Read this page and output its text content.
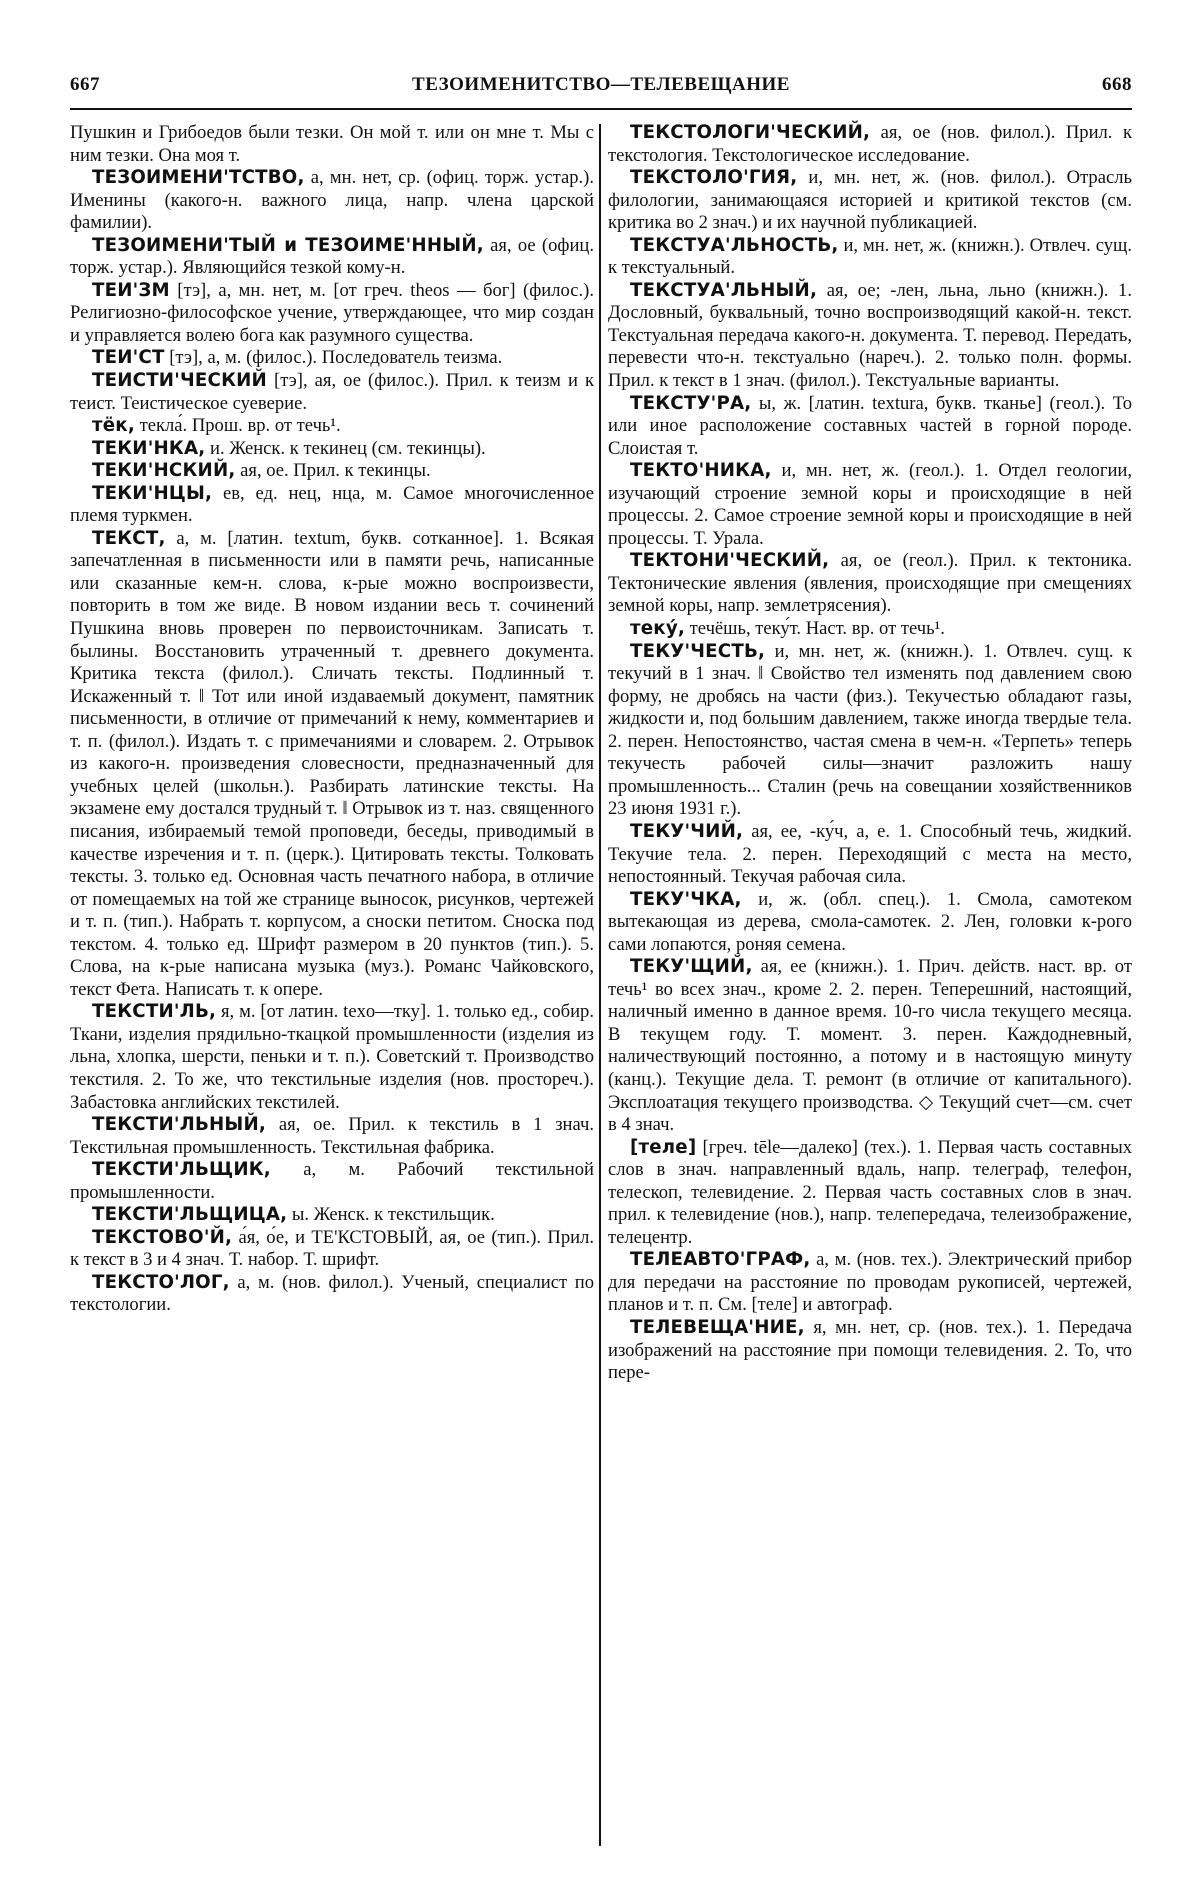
667	ТЕЗОИМЕНИТСТВО—ТЕЛЕВЕЩАНИЕ	668

Пушкин и Грибоедов были тезки. Он мой т. или он мне т. Мы с ним тезки. Она моя т.

ТЕЗОИМЕНИ'ТСТВО, а, мн. нет, ср. (офиц. торж. устар.). Именины (какого-н. важного лица, напр. члена царской фамилии).

ТЕЗОИМЕНИ'ТЫЙ и ТЕЗОИМЕ'ННЫЙ, ая, ое (офиц. торж. устар.). Являющийся тезкой кому-н.

ТЕИ'ЗМ [тэ], а, мн. нет, м. [от греч. theos — бог] (филос.). Религиозно-философское учение, утверждающее, что мир создан и управляется волею бога как разумного существа.

ТЕИ'СТ [тэ], а, м. (филос.). Последователь теизма.

ТЕИСТИ'ЧЕСКИЙ [тэ], ая, ое (филос.). Прил. к теизм и к теист. Теистическое суеверие.

тёк, текла́. Прош. вр. от течь¹.

ТЕКИ'НКА, и. Женск. к текинец (см. текинцы).

ТЕКИ'НСКИЙ, ая, ое. Прил. к текинцы.

ТЕКИ'НЦЫ, ев, ед. нец, нца, м. Самое многочисленное племя туркмен.

ТЕКСТ, а, м. [латин. textum, букв. сотканное]. 1. Всякая запечатленная в письменности или в памяти речь, написанные или сказанные кем-н. слова, к-рые можно воспроизвести, повторить в том же виде. В новом издании весь т. сочинений Пушкина вновь проверен по первоисточникам. Записать т. былины. Восстановить утраченный т. древнего документа. Критика текста (филол.). Сличать тексты. Подлинный т. Искаженный т. ‖ Тот или иной издаваемый документ, памятник письменности, в отличие от примечаний к нему, комментариев и т. п. (филол.). Издать т. с примечаниями и словарем. 2. Отрывок из какого-н. произведения словесности, предназначенный для учебных целей (школьн.). Разбирать латинские тексты. На экзамене ему достался трудный т. ‖ Отрывок из т. наз. священного писания, избираемый темой проповеди, беседы, приводимый в качестве изречения и т. п. (церк.). Цитировать тексты. Толковать тексты. 3. только ед. Основная часть печатного набора, в отличие от помещаемых на той же странице выносок, рисунков, чертежей и т. п. (тип.). Набрать т. корпусом, а сноски петитом. Сноска под текстом. 4. только ед. Шрифт размером в 20 пунктов (тип.). 5. Слова, на к-рые написана музыка (муз.). Романс Чайковского, текст Фета. Написать т. к опере.

ТЕКСТИ'ЛЬ, я, м. [от латин. texo—тку]. 1. только ед., собир. Ткани, изделия прядильно-ткацкой промышленности (изделия из льна, хлопка, шерсти, пеньки и т. п.). Советский т. Производство текстиля. 2. То же, что текстильные изделия (нов. простореч.). Забастовка английских текстилей.

ТЕКСТИ'ЛЬНЫЙ, ая, ое. Прил. к текстиль в 1 знач. Текстильная промышленность. Текстильная фабрика.

ТЕКСТИ'ЛЬЩИК, а, м. Рабочий текстильной промышленности.

ТЕКСТИ'ЛЬЩИЦА, ы. Женск. к текстильщик.

ТЕКСТОВО'Й, а́я, о́е, и ТЕ'КСТОВЫЙ, ая, ое (тип.). Прил. к текст в 3 и 4 знач. Т. набор. Т. шрифт.

ТЕКСТО'ЛОГ, а, м. (нов. филол.). Ученый, специалист по текстологии.

ТЕКСТОЛОГИ'ЧЕСКИЙ, ая, ое (нов. филол.). Прил. к текстология. Текстологическое исследование.

ТЕКСТОЛО'ГИЯ, и, мн. нет, ж. (нов. филол.). Отрасль филологии, занимающаяся историей и критикой текстов (см. критика во 2 знач.) и их научной публикацией.

ТЕКСТУА'ЛЬНОСТЬ, и, мн. нет, ж. (книжн.). Отвлеч. сущ. к текстуальный.

ТЕКСТУА'ЛЬНЫЙ, ая, ое; -лен, льна, льно (книжн.). 1. Дословный, буквальный, точно воспроизводящий какой-н. текст. Текстуальная передача какого-н. документа. Т. перевод. Передать, перевести что-н. текстуально (нареч.). 2. только полн. формы. Прил. к текст в 1 знач. (филол.). Текстуальные варианты.

ТЕКСТУ'РА, ы, ж. [латин. textura, букв. тканье] (геол.). То или иное расположение составных частей в горной породе. Слоистая т.

ТЕКТО'НИКА, и, мн. нет, ж. (геол.). 1. Отдел геологии, изучающий строение земной коры и происходящие в ней процессы. 2. Самое строение земной коры и происходящие в ней процессы. Т. Урала.

ТЕКТОНИ'ЧЕСКИЙ, ая, ое (геол.). Прил. к тектоника. Тектонические явления (явления, происходящие при смещениях земной коры, напр. землетрясения).

теку́, течёшь, теку́т. Наст. вр. от течь¹.

ТЕКУ'ЧЕСТЬ, и, мн. нет, ж. (книжн.). 1. Отвлеч. сущ. к текучий в 1 знач. ‖ Свойство тел изменять под давлением свою форму, не дробясь на части (физ.). Текучестью обладают газы, жидкости и, под большим давлением, также иногда твердые тела. 2. перен. Непостоянство, частая смена в чем-н. «Терпеть» теперь текучесть рабочей силы—значит разложить нашу промышленность... Сталин (речь на совещании хозяйственников 23 июня 1931 г.).

ТЕКУ'ЧИЙ, ая, ее, -ку́ч, а, е. 1. Способный течь, жидкий. Текучие тела. 2. перен. Переходящий с места на место, непостоянный. Текучая рабочая сила.

ТЕКУ'ЧКА, и, ж. (обл. спец.). 1. Смола, самотеком вытекающая из дерева, смола-самотек. 2. Лен, головки к-рого сами лопаются, роняя семена.

ТЕКУ'ЩИЙ, ая, ее (книжн.). 1. Прич. действ. наст. вр. от течь¹ во всех знач., кроме 2. 2. перен. Теперешний, настоящий, наличный именно в данное время. 10-го числа текущего месяца. В текущем году. Т. момент. 3. перен. Каждодневный, наличествующий постоянно, а потому и в настоящую минуту (канц.). Текущие дела. Т. ремонт (в отличие от капитального). Эксплоатация текущего производства. ◇ Текущий счет—см. счет в 4 знач.

[теле] [греч. tēle—далеко] (тех.). 1. Первая часть составных слов в знач. направленный вдаль, напр. телеграф, телефон, телескоп, телевидение. 2. Первая часть составных слов в знач. прил. к телевидение (нов.), напр. телепередача, телеизображение, телецентр.

ТЕЛЕАВТО'ГРАФ, а, м. (нов. тех.). Электрический прибор для передачи на расстояние по проводам рукописей, чертежей, планов и т. п. См. [теле] и автограф.

ТЕЛЕВЕЩА'НИЕ, я, мн. нет, ср. (нов. тех.). 1. Передача изображений на расстояние при помощи телевидения. 2. То, что пере-
